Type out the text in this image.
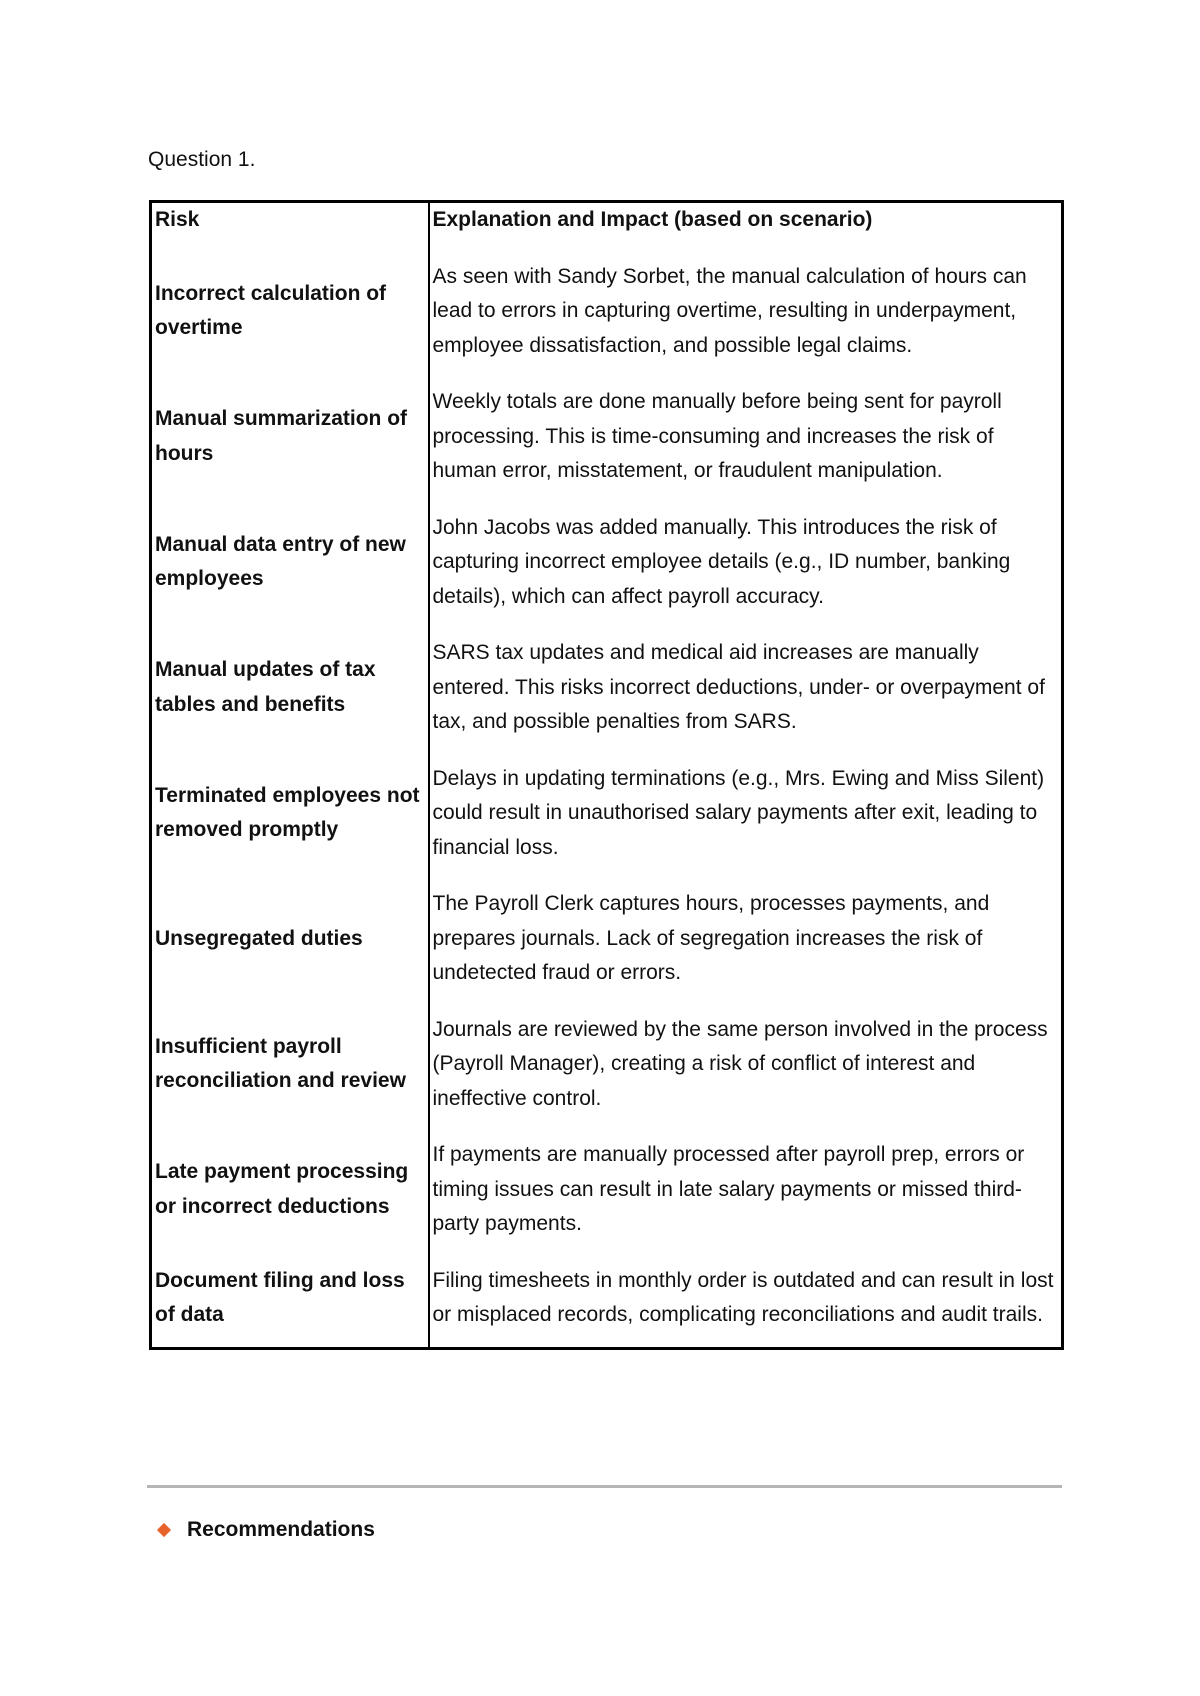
Question 1.

Risk	Explanation and Impact (based on scenario)
Incorrect calculation of overtime	As seen with Sandy Sorbet, the manual calculation of hours can lead to errors in capturing overtime, resulting in underpayment, employee dissatisfaction, and possible legal claims.
Manual summarization of hours	Weekly totals are done manually before being sent for payroll processing. This is time-consuming and increases the risk of human error, misstatement, or fraudulent manipulation.
Manual data entry of new employees	John Jacobs was added manually. This introduces the risk of capturing incorrect employee details (e.g., ID number, banking details), which can affect payroll accuracy.
Manual updates of tax tables and benefits	SARS tax updates and medical aid increases are manually entered. This risks incorrect deductions, under- or overpayment of tax, and possible penalties from SARS.
Terminated employees not removed promptly	Delays in updating terminations (e.g., Mrs. Ewing and Miss Silent) could result in unauthorised salary payments after exit, leading to financial loss.
Unsegregated duties	The Payroll Clerk captures hours, processes payments, and prepares journals. Lack of segregation increases the risk of undetected fraud or errors.
Insufficient payroll reconciliation and review	Journals are reviewed by the same person involved in the process (Payroll Manager), creating a risk of conflict of interest and ineffective control.
Late payment processing or incorrect deductions	If payments are manually processed after payroll prep, errors or timing issues can result in late salary payments or missed third-party payments.
Document filing and loss of data	Filing timesheets in monthly order is outdated and can result in lost or misplaced records, complicating reconciliations and audit trails.
Recommendations
